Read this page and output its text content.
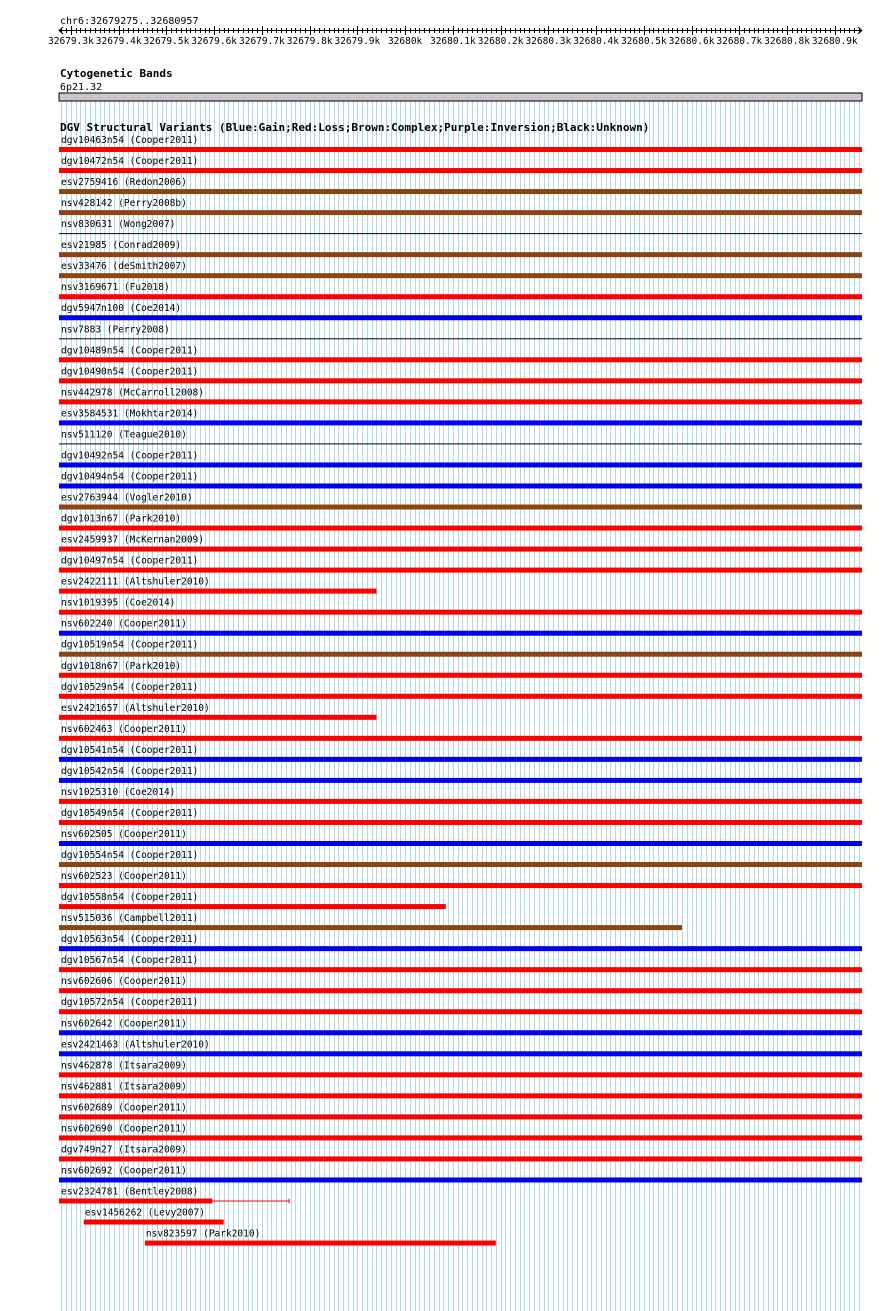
chr6:32679275..32680957
32679.3k 32679.4k 32679.5k 32679.6k 32679.7k 32679.8k 32679.9k 32680k 32680.1k 32680.2k 32680.3k 32680.4k 32680.5k 32680.6k 32680.7k 32680.8k 32680.9k
Cytogenetic Bands
6p21.32
DGV Structural Variants (Blue:Gain;Red:Loss;Brown:Complex;Purple:Inversion;Black:Unknown)
dgv10463n54 (Cooper2011)
dgv10472n54 (Cooper2011)
esv2759416 (Redon2006)
nsv428142 (Perry2008b)
nsv830631 (Wong2007)
esv21985 (Conrad2009)
esv33476 (deSmith2007)
nsv3169671 (Fu2018)
dgv5947n100 (Coe2014)
nsv7883 (Perry2008)
dgv10489n54 (Cooper2011)
dgv10490n54 (Cooper2011)
nsv442978 (McCarroll2008)
esv3584531 (Mokhtar2014)
nsv511120 (Teague2010)
dgv10492n54 (Cooper2011)
dgv10494n54 (Cooper2011)
esv2763944 (Vogler2010)
dgv1013n67 (Park2010)
esv2459937 (McKernan2009)
dgv10497n54 (Cooper2011)
esv2422111 (Altshuler2010)
nsv1019395 (Coe2014)
nsv602240 (Cooper2011)
dgv10519n54 (Cooper2011)
dgv1018n67 (Park2010)
dgv10529n54 (Cooper2011)
esv2421657 (Altshuler2010)
nsv602463 (Cooper2011)
dgv10541n54 (Cooper2011)
dgv10542n54 (Cooper2011)
nsv1025310 (Coe2014)
dgv10549n54 (Cooper2011)
nsv602505 (Cooper2011)
dgv10554n54 (Cooper2011)
nsv602523 (Cooper2011)
dgv10558n54 (Cooper2011)
nsv515036 (Campbell2011)
dgv10563n54 (Cooper2011)
dgv10567n54 (Cooper2011)
nsv602606 (Cooper2011)
dgv10572n54 (Cooper2011)
nsv602642 (Cooper2011)
esv2421463 (Altshuler2010)
nsv462878 (Itsara2009)
nsv462881 (Itsara2009)
nsv602689 (Cooper2011)
nsv602690 (Cooper2011)
dgv749n27 (Itsara2009)
nsv602692 (Cooper2011)
esv2324781 (Bentley2008)
esv1456262 (Levy2007)
nsv823597 (Park2010)
